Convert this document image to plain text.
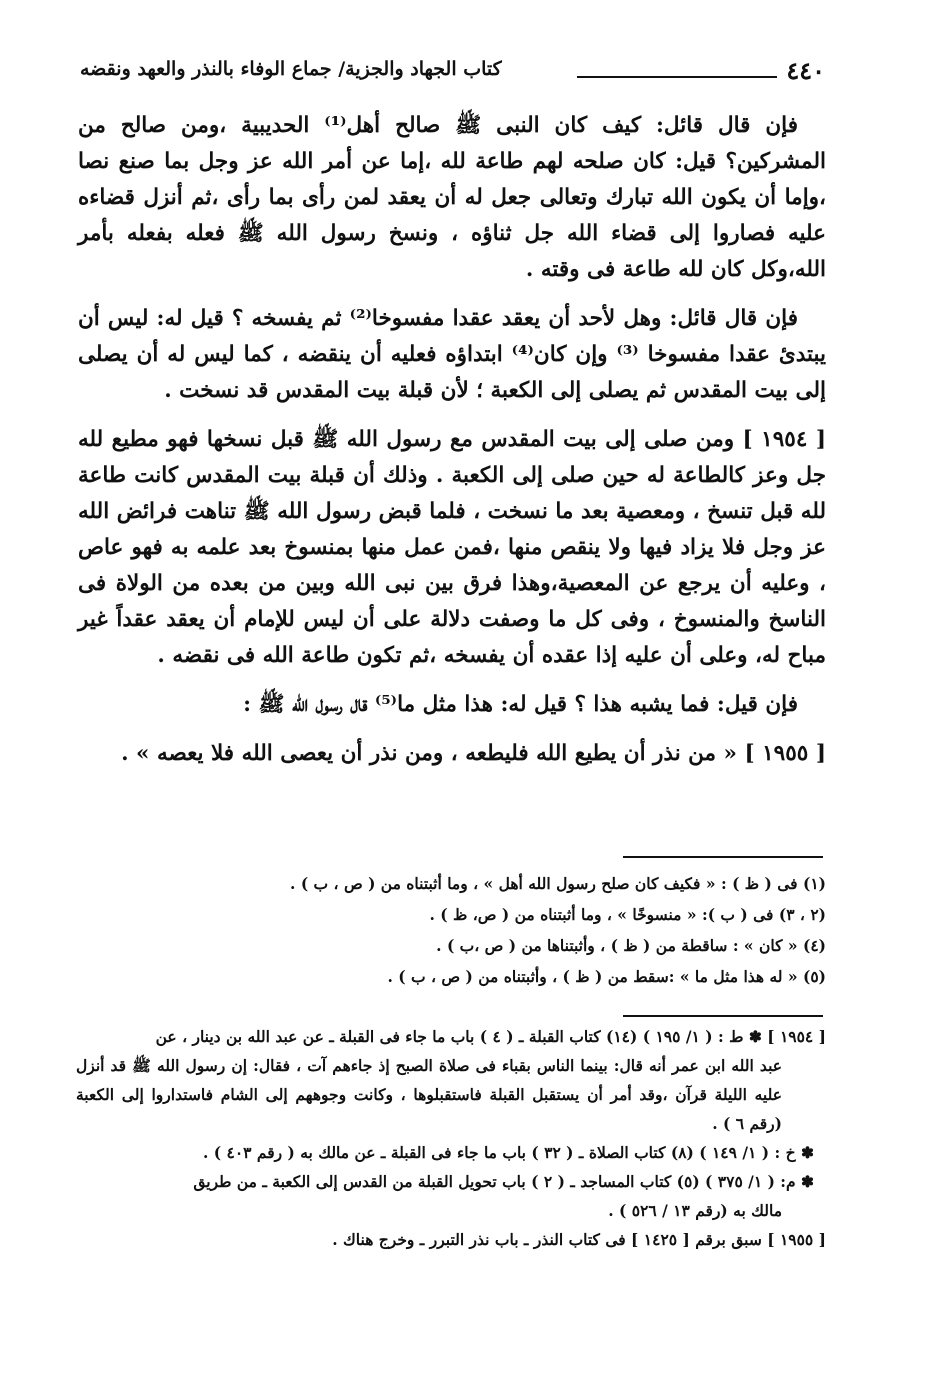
٤٤٠
كتاب الجهاد والجزية/ جماع الوفاء بالنذر والعهد ونقضه

فإن قال قائل: كيف كان النبى ﷺ صالح أهل⁽¹⁾ الحديبية ،ومن صالح من المشركين؟ قيل: كان صلحه لهم طاعة لله ،إما عن أمر الله عز وجل بما صنع نصا ،وإما أن يكون الله تبارك وتعالى جعل له أن يعقد لمن رأى بما رأى ،ثم أنزل قضاءه عليه فصاروا إلى قضاء الله جل ثناؤه ، ونسخ رسول الله ﷺ فعله بفعله بأمر الله،وكل كان لله طاعة فى وقته .

فإن قال قائل: وهل لأحد أن يعقد عقدا مفسوخا⁽²⁾ ثم يفسخه ؟ قيل له: ليس أن يبتدئ عقدا مفسوخا ⁽³⁾ وإن كان⁽⁴⁾ ابتداؤه فعليه أن ينقضه ، كما ليس له أن يصلى إلى بيت المقدس ثم يصلى إلى الكعبة ؛ لأن قبلة بيت المقدس قد نسخت .

[ ١٩٥٤ ] ومن صلى إلى بيت المقدس مع رسول الله ﷺ قبل نسخها فهو مطيع لله جل وعز كالطاعة له حين صلى إلى الكعبة . وذلك أن قبلة بيت المقدس كانت طاعة لله قبل تنسخ ، ومعصية بعد ما نسخت ، فلما قبض رسول الله ﷺ تناهت فرائض الله عز وجل فلا يزاد فيها ولا ينقص منها ،فمن عمل منها بمنسوخ بعد علمه به فهو عاص ، وعليه أن يرجع عن المعصية،وهذا فرق بين نبى الله وبين من بعده من الولاة فى الناسخ والمنسوخ ، وفى كل ما وصفت دلالة على أن ليس للإمام أن يعقد عقداً غير مباح له، وعلى أن عليه إذا عقده أن يفسخه ،ثم تكون طاعة الله فى نقضه .

فإن قيل: فما يشبه هذا ؟ قيل له: هذا مثل ما⁽⁵⁾ قال رسول الله ﷺ :

[ ١٩٥٥ ] « من نذر أن يطيع الله فليطعه ، ومن نذر أن يعصى الله فلا يعصه » .

(١) فى ( ظ ) : « فكيف كان صلح رسول الله أهل » ، وما أثبتناه من ( ص ، ب ) .
(٢ ، ٣) فى ( ب ): « منسوخًا » ، وما أثبتناه من ( ص، ظ ) .
(٤) « كان » : ساقطة من ( ظ ) ، وأثبتناها من ( ص ،ب ) .
(٥) « له هذا مثل ما » :سقط من ( ظ ) ، وأثبتناه من ( ص ، ب ) .

[ ١٩٥٤ ] ✽ ط : ( ١/ ١٩٥ ) (١٤) كتاب القبلة ـ ( ٤ ) باب ما جاء فى القبلة ـ عن عبد الله بن دينار ، عن

عبد الله ابن عمر أنه قال: بينما الناس بقباء فى صلاة الصبح إذ جاءهم آت ، فقال: إن رسول الله ﷺ قد أنزل عليه الليلة قرآن ،وقد أمر أن يستقبل القبلة فاستقبلوها ، وكانت وجوههم إلى الشام فاستداروا إلى الكعبة (رقم ٦ ) .

✽ خ : ( ١/ ١٤٩ ) (٨) كتاب الصلاة ـ ( ٣٢ ) باب ما جاء فى القبلة ـ عن مالك به ( رقم ٤٠٣ ) .

✽ م: ( ١/ ٣٧٥ ) (٥) كتاب المساجد ـ ( ٢ ) باب تحويل القبلة من القدس إلى الكعبة ـ من طريق

مالك به (رقم ١٣ / ٥٢٦ ) .

[ ١٩٥٥ ] سبق برقم [ ١٤٢٥ ] فى كتاب النذر ـ باب نذر التبرر ـ وخرج هناك .
